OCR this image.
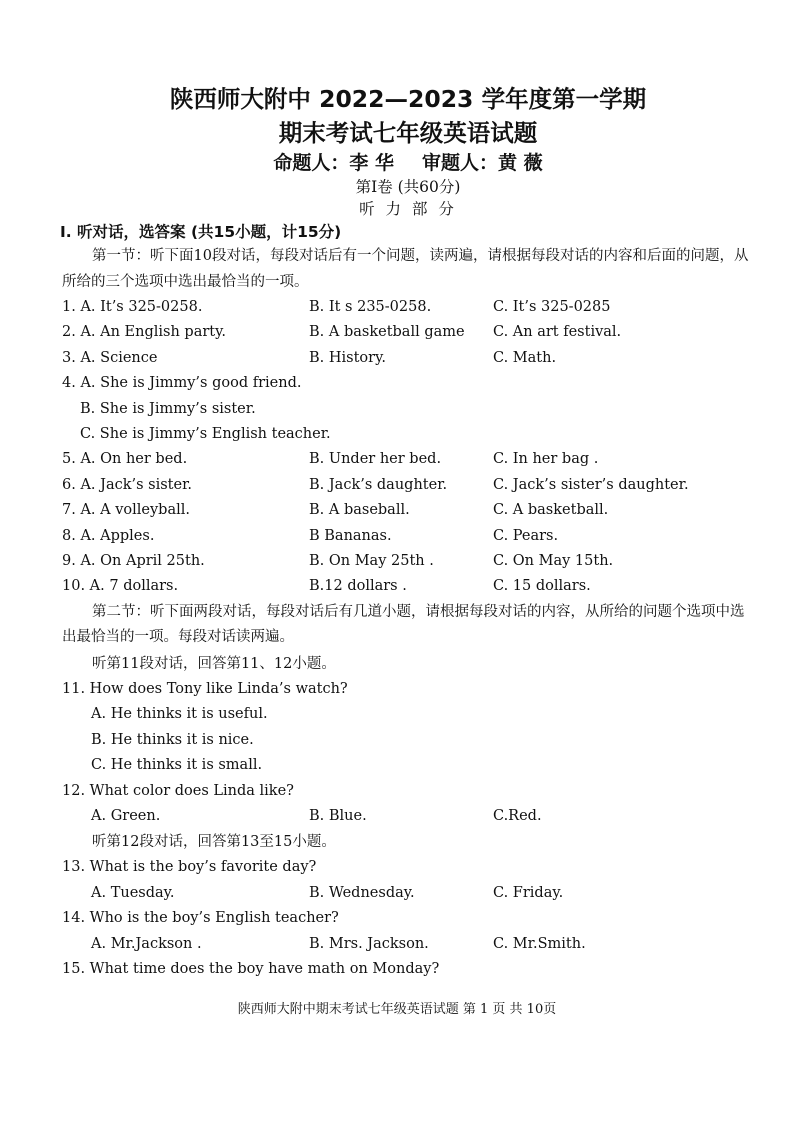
陕西师大附中 2022—2023 学年度第一学期

期末考试七年级英语试题

命题人：李 华 审题人：黄 薇

第Ⅰ卷 (共60分)

听 力 部 分

I. 听对话，选答案 (共15小题，计15分)

第一节：听下面10段对话，每段对话后有一个问题，读两遍，请根据每段对话的内容和后面的问题，从所给的三个选项中选出最恰当的一项。

1. A. It’s 325-0258.	B. It s 235-0258.	C. It’s 325-0285
2. A. An English party.	B. A basketball game	C. An art festival.
3. A. Science	B. History.	C. Math.
4. A. She is Jimmy’s good friend.
B. She is Jimmy’s sister.
C. She is Jimmy’s English teacher.
5. A. On her bed.	B. Under her bed.	C. In her bag .
6. A. Jack’s sister.	B. Jack’s daughter.	C. Jack’s sister’s daughter.
7. A. A volleyball.	B. A baseball.	C. A basketball.
8. A. Apples.	B Bananas.	C. Pears.
9. A. On April 25th.	B. On May 25th .	C. On May 15th.
10. A. 7 dollars.	B.12 dollars .	C. 15 dollars.

第二节：听下面两段对话，每段对话后有几道小题，请根据每段对话的内容，从所给的问题个选项中选出最恰当的一项。每段对话读两遍。

听第11段对话，回答第11、12小题。
11. How does Tony like Linda’s watch?
A. He thinks it is useful.
B. He thinks it is nice.
C. He thinks it is small.
12. What color does Linda like?
A. Green.	B. Blue.	C.Red.
听第12段对话，回答第13至15小题。
13. What is the boy’s favorite day?
A. Tuesday.	B. Wednesday.	C. Friday.
14. Who is the boy’s English teacher?
A. Mr.Jackson .	B. Mrs. Jackson.	C. Mr.Smith.
15. What time does the boy have math on Monday?
陕西师大附中期末考试七年级英语试题 第 1 页 共 10页
